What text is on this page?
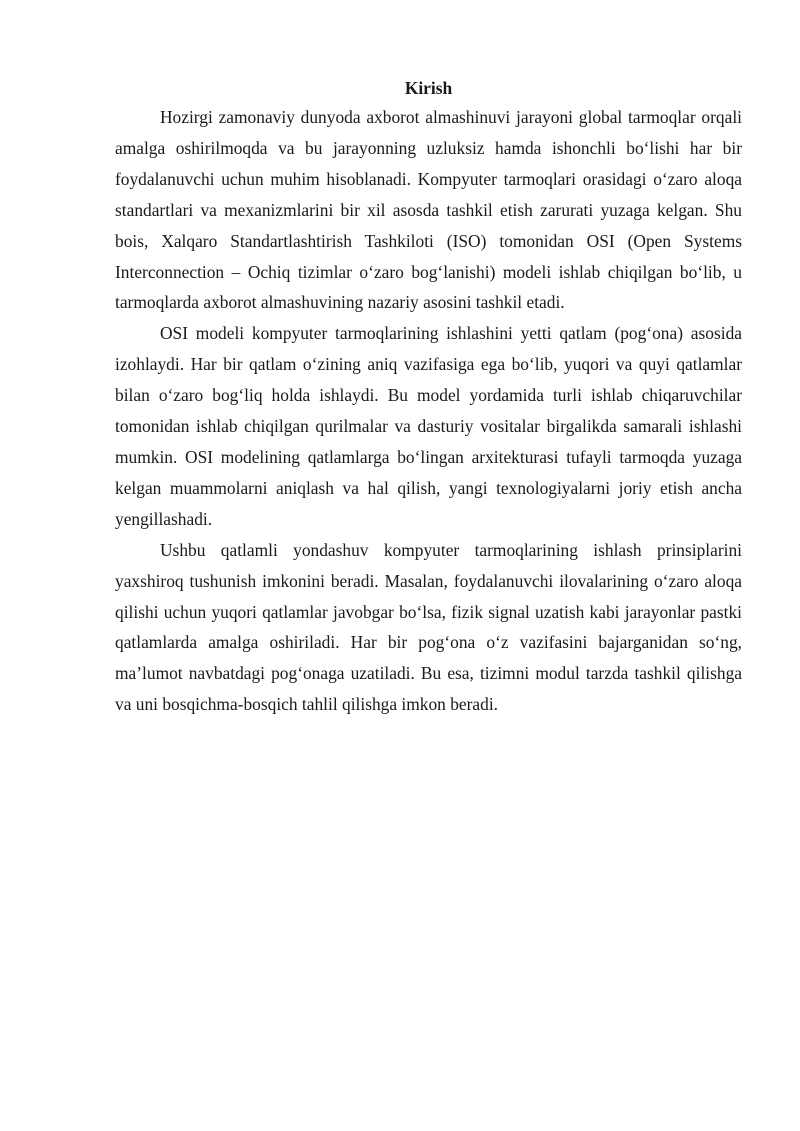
Kirish

Hozirgi zamonaviy dunyoda axborot almashinuvi jarayoni global tarmoqlar orqali amalga oshirilmoqda va bu jarayonning uzluksiz hamda ishonchli bo‘lishi har bir foydalanuvchi uchun muhim hisoblanadi. Kompyuter tarmoqlari orasidagi o‘zaro aloqa standartlari va mexanizmlarini bir xil asosda tashkil etish zarurati yuzaga kelgan. Shu bois, Xalqaro Standartlashtirish Tashkiloti (ISO) tomonidan OSI (Open Systems Interconnection – Ochiq tizimlar o‘zaro bog‘lanishi) modeli ishlab chiqilgan bo‘lib, u tarmoqlarda axborot almashuvining nazariy asosini tashkil etadi.

OSI modeli kompyuter tarmoqlarining ishlashini yetti qatlam (pog‘ona) asosida izohlaydi. Har bir qatlam o‘zining aniq vazifasiga ega bo‘lib, yuqori va quyi qatlamlar bilan o‘zaro bog‘liq holda ishlaydi. Bu model yordamida turli ishlab chiqaruvchilar tomonidan ishlab chiqilgan qurilmalar va dasturiy vositalar birgalikda samarali ishlashi mumkin. OSI modelining qatlamlarga bo‘lingan arxitekturasi tufayli tarmoqda yuzaga kelgan muammolarni aniqlash va hal qilish, yangi texnologiyalarni joriy etish ancha yengillashadi.

Ushbu qatlamli yondashuv kompyuter tarmoqlarining ishlash prinsiplarini yaxshiroq tushunish imkonini beradi. Masalan, foydalanuvchi ilovalarining o‘zaro aloqa qilishi uchun yuqori qatlamlar javobgar bo‘lsa, fizik signal uzatish kabi jarayonlar pastki qatlamlarda amalga oshiriladi. Har bir pog‘ona o‘z vazifasini bajarganidan so‘ng, ma’lumot navbatdagi pog‘onaga uzatiladi. Bu esa, tizimni modul tarzda tashkil qilishga va uni bosqichma-bosqich tahlil qilishga imkon beradi.
